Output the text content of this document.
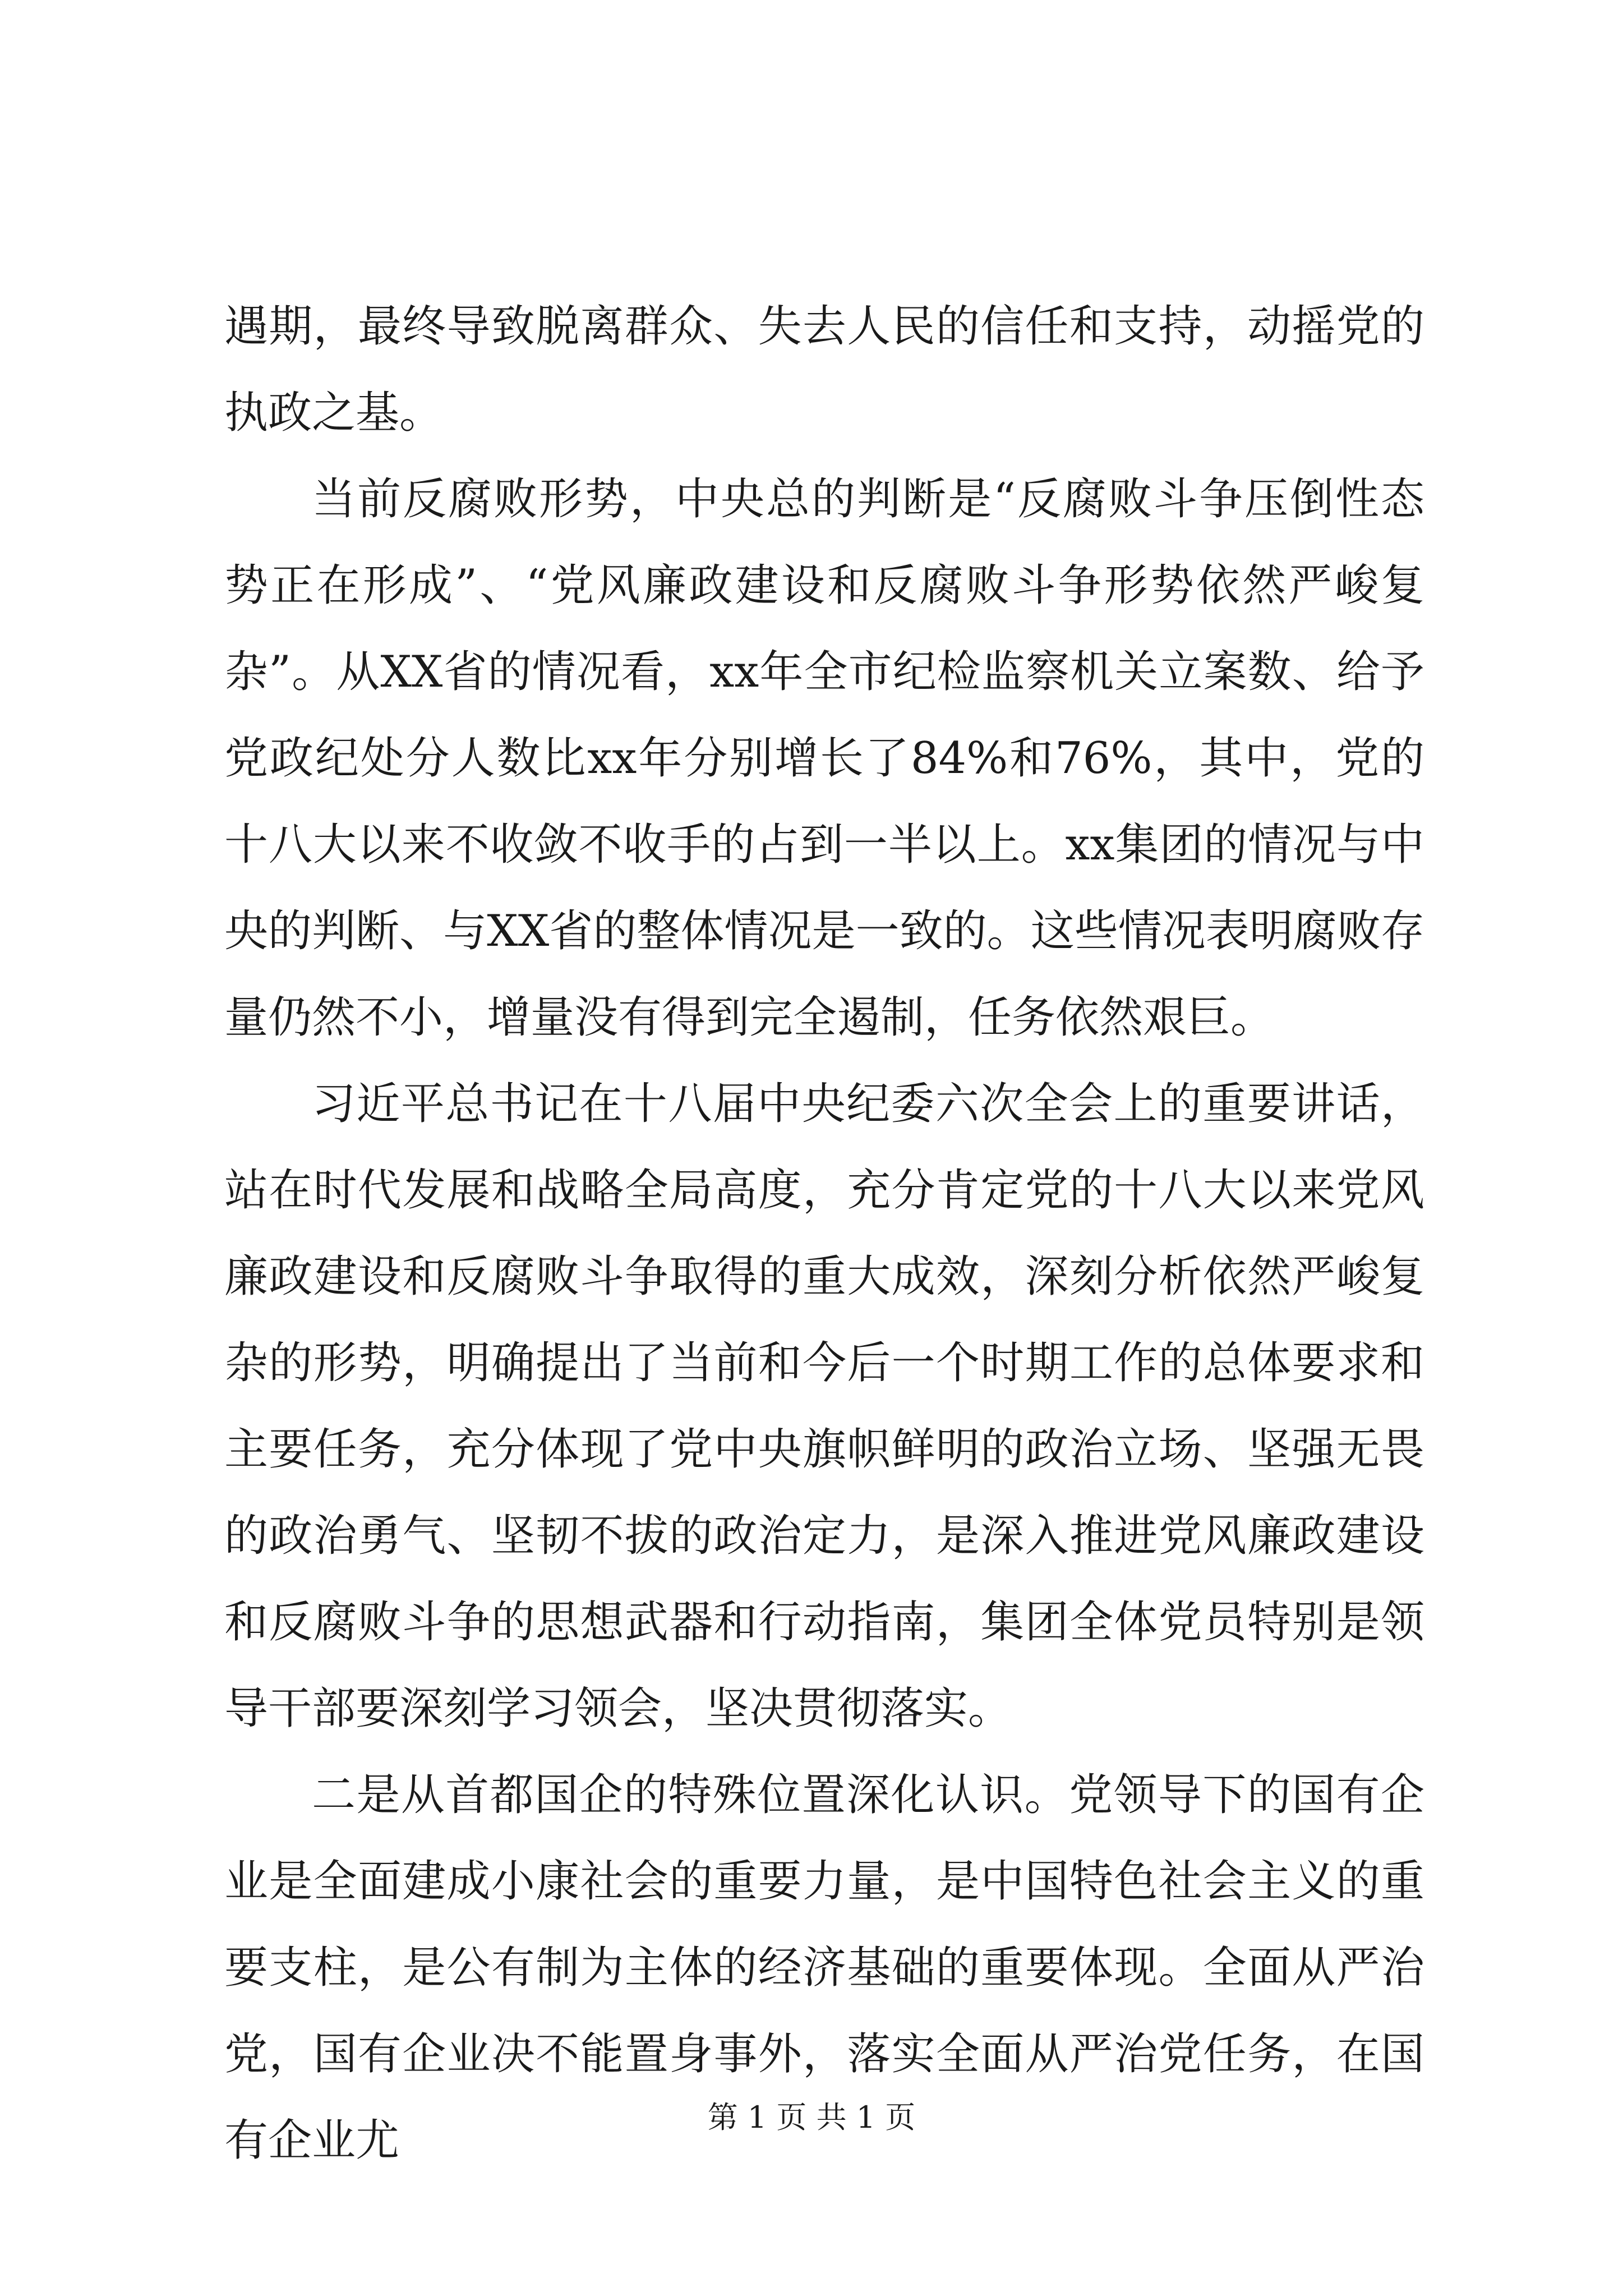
遇期，最终导致脱离群众、失去人民的信任和支持，动摇党的执政之基。

当前反腐败形势，中央总的判断是“反腐败斗争压倒性态势正在形成”、“党风廉政建设和反腐败斗争形势依然严峻复杂”。从XX省的情况看，xx年全市纪检监察机关立案数、给予党政纪处分人数比xx年分别增长了84%和76%，其中，党的十八大以来不收敛不收手的占到一半以上。xx集团的情况与中央的判断、与XX省的整体情况是一致的。这些情况表明腐败存量仍然不小，增量没有得到完全遏制，任务依然艰巨。

习近平总书记在十八届中央纪委六次全会上的重要讲话，站在时代发展和战略全局高度，充分肯定党的十八大以来党风廉政建设和反腐败斗争取得的重大成效，深刻分析依然严峻复杂的形势，明确提出了当前和今后一个时期工作的总体要求和主要任务，充分体现了党中央旗帜鲜明的政治立场、坚强无畏的政治勇气、坚韧不拔的政治定力，是深入推进党风廉政建设和反腐败斗争的思想武器和行动指南，集团全体党员特别是领导干部要深刻学习领会，坚决贯彻落实。

二是从首都国企的特殊位置深化认识。党领导下的国有企业是全面建成小康社会的重要力量，是中国特色社会主义的重要支柱，是公有制为主体的经济基础的重要体现。全面从严治党，国有企业决不能置身事外，落实全面从严治党任务，在国有企业尤	第 1 页 共 1 页
